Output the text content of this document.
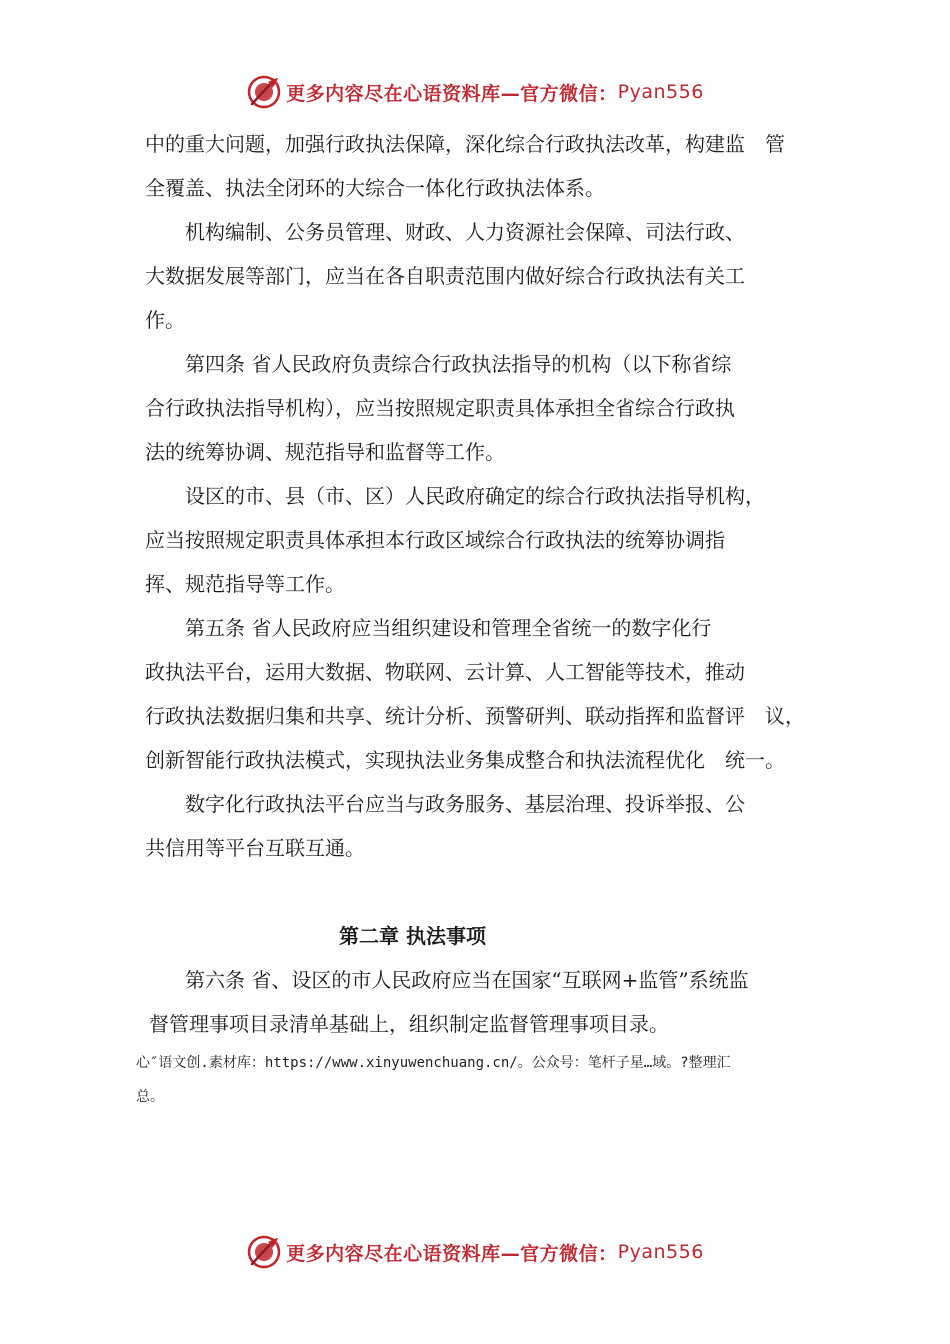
更多内容尽在心语资料库—官方微信： Pyan556
中的重大问题，加强行政执法保障，深化综合行政执法改革，构建监　管
全覆盖、执法全闭环的大综合一体化行政执法体系。
机构编制、公务员管理、财政、人力资源社会保障、司法行政、
大数据发展等部门，应当在各自职责范围内做好综合行政执法有关工
作。
第四条 省人民政府负责综合行政执法指导的机构（以下称省综
合行政执法指导机构），应当按照规定职责具体承担全省综合行政执
法的统筹协调、规范指导和监督等工作。
设区的市、县（市、区）人民政府确定的综合行政执法指导机构，
应当按照规定职责具体承担本行政区域综合行政执法的统筹协调指
挥、规范指导等工作。
第五条 省人民政府应当组织建设和管理全省统一的数字化行
政执法平台，运用大数据、物联网、云计算、人工智能等技术，推动
行政执法数据归集和共享、统计分析、预警研判、联动指挥和监督评　议，
创新智能行政执法模式，实现执法业务集成整合和执法流程优化　统一。
数字化行政执法平台应当与政务服务、基层治理、投诉举报、公
共信用等平台互联互通。
第二章 执法事项
第六条 省、设区的市人民政府应当在国家“互联网+监管”系统监
督管理事项目录清单基础上，组织制定监督管理事项目录。
心″语文创.素材库：https://www.xinyuwenchuang.cn/。公众号：笔杆子星…域。?整理汇
总。
更多内容尽在心语资料库—官方微信： Pyan556
